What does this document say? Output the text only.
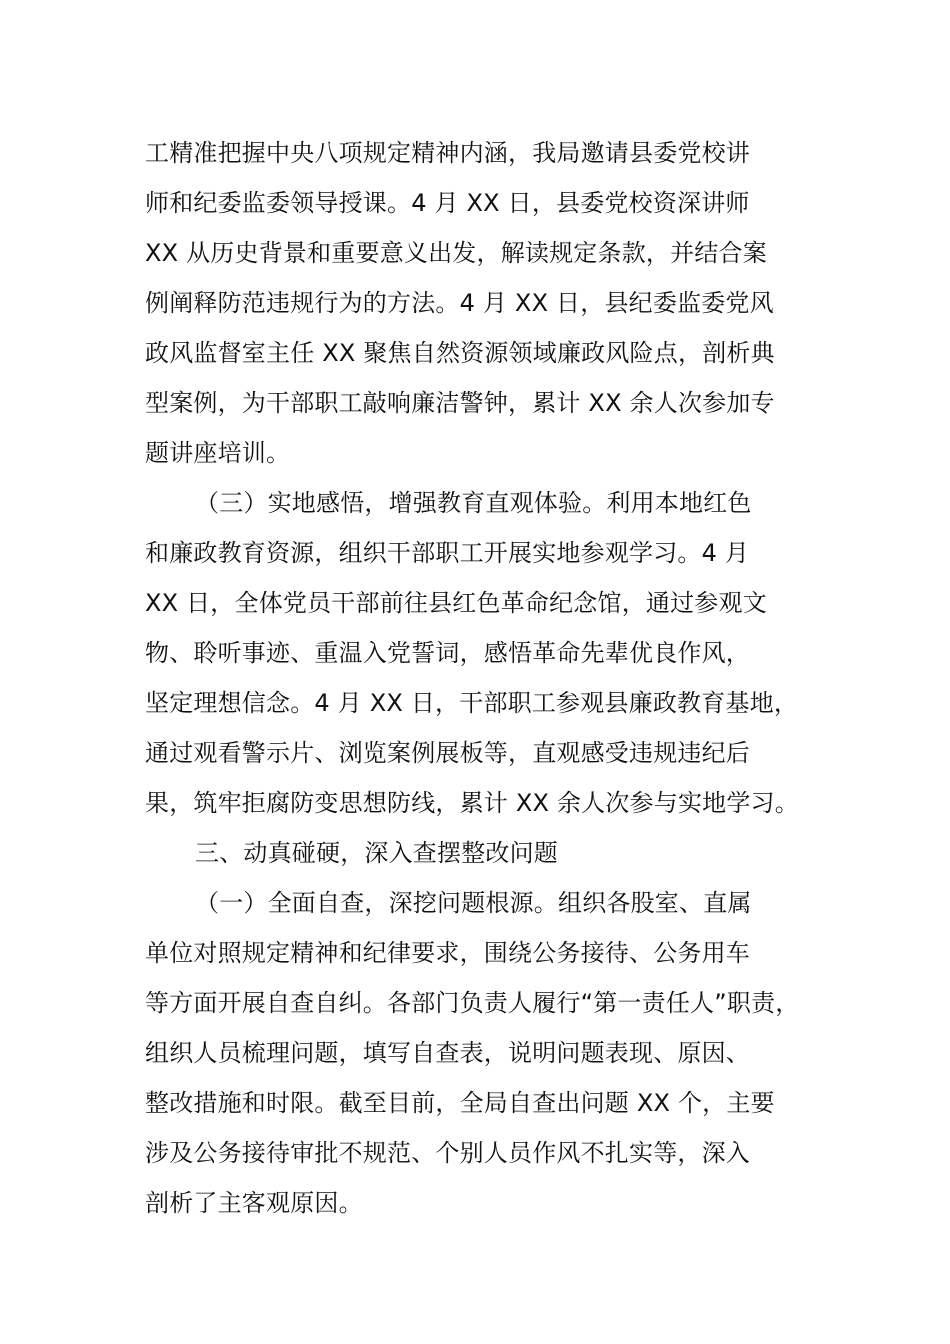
工精准把握中央八项规定精神内涵，我局邀请县委党校讲
师和纪委监委领导授课。4 月 XX 日，县委党校资深讲师
XX 从历史背景和重要意义出发，解读规定条款，并结合案
例阐释防范违规行为的方法。4 月 XX 日，县纪委监委党风
政风监督室主任 XX 聚焦自然资源领域廉政风险点，剖析典
型案例，为干部职工敲响廉洁警钟，累计 XX 余人次参加专
题讲座培训。
（三）实地感悟，增强教育直观体验。利用本地红色
和廉政教育资源，组织干部职工开展实地参观学习。4 月
XX 日，全体党员干部前往县红色革命纪念馆，通过参观文
物、聆听事迹、重温入党誓词，感悟革命先辈优良作风，
坚定理想信念。4 月 XX 日，干部职工参观县廉政教育基地，
通过观看警示片、浏览案例展板等，直观感受违规违纪后
果，筑牢拒腐防变思想防线，累计 XX 余人次参与实地学习。
三、动真碰硬，深入查摆整改问题
（一）全面自查，深挖问题根源。组织各股室、直属
单位对照规定精神和纪律要求，围绕公务接待、公务用车
等方面开展自查自纠。各部门负责人履行“第一责任人”职责，
组织人员梳理问题，填写自查表，说明问题表现、原因、
整改措施和时限。截至目前，全局自查出问题 XX 个，主要
涉及公务接待审批不规范、个别人员作风不扎实等，深入
剖析了主客观原因。
